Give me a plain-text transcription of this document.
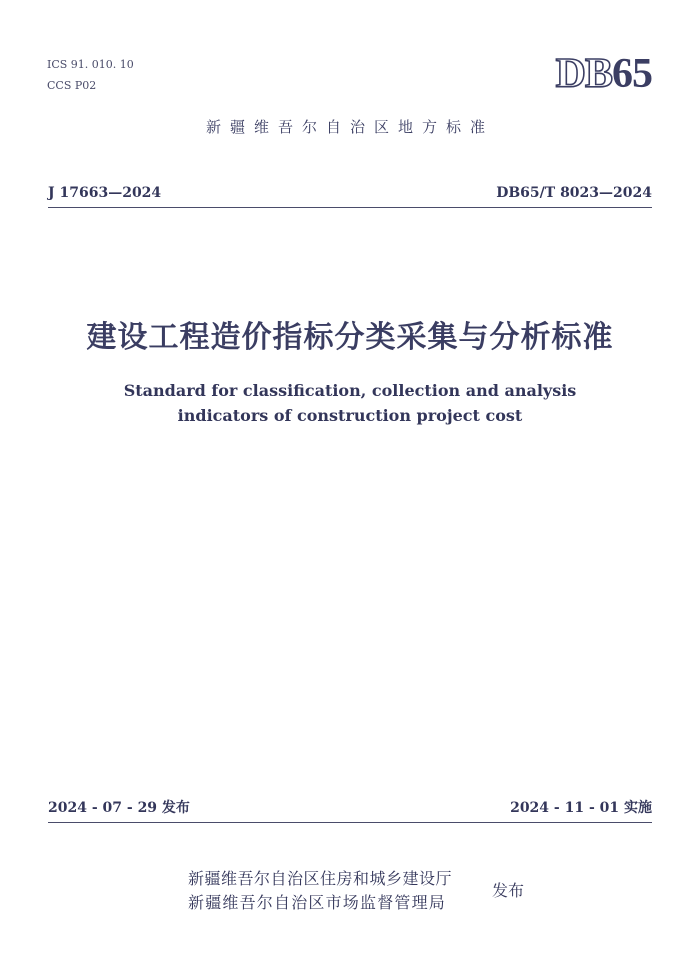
ICS 91. 010. 10
CCS P02	DB65
新疆维吾尔自治区地方标准
J 17663—2024	DB65/T 8023—2024
建设工程造价指标分类采集与分析标准
Standard for classification, collection and analysis
indicators of construction project cost
2024 - 07 - 29 发布	2024 - 11 - 01 实施
新疆维吾尔自治区住房和城乡建设厅
新疆维吾尔自治区市场监督管理局
发布
